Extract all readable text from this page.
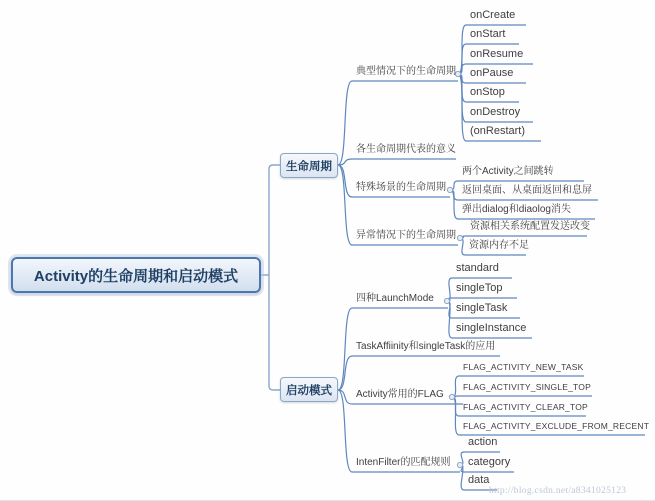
Activity的生命周期和启动模式
生命周期
启动模式
典型情况下的生命周期
各生命周期代表的意义
特殊场景的生命周期
异常情况下的生命周期
onCreate
onStart
onResume
onPause
onStop
onDestroy
(onRestart)
两个Activity之间跳转
返回桌面、从桌面返回和息屏
弹出dialog和diaolog消失
资源相关系统配置发送改变
资源内存不足
四种LaunchMode
TaskAffiinity和singleTask的应用
Activity常用的FLAG
IntenFilter的匹配规则
standard
singleTop
singleTask
singleInstance
FLAG_ACTIVITY_NEW_TASK
FLAG_ACTIVITY_SINGLE_TOP
FLAG_ACTIVITY_CLEAR_TOP
FLAG_ACTIVITY_EXCLUDE_FROM_RECENT
action
category
data
http://blog.csdn.net/a8341025123
